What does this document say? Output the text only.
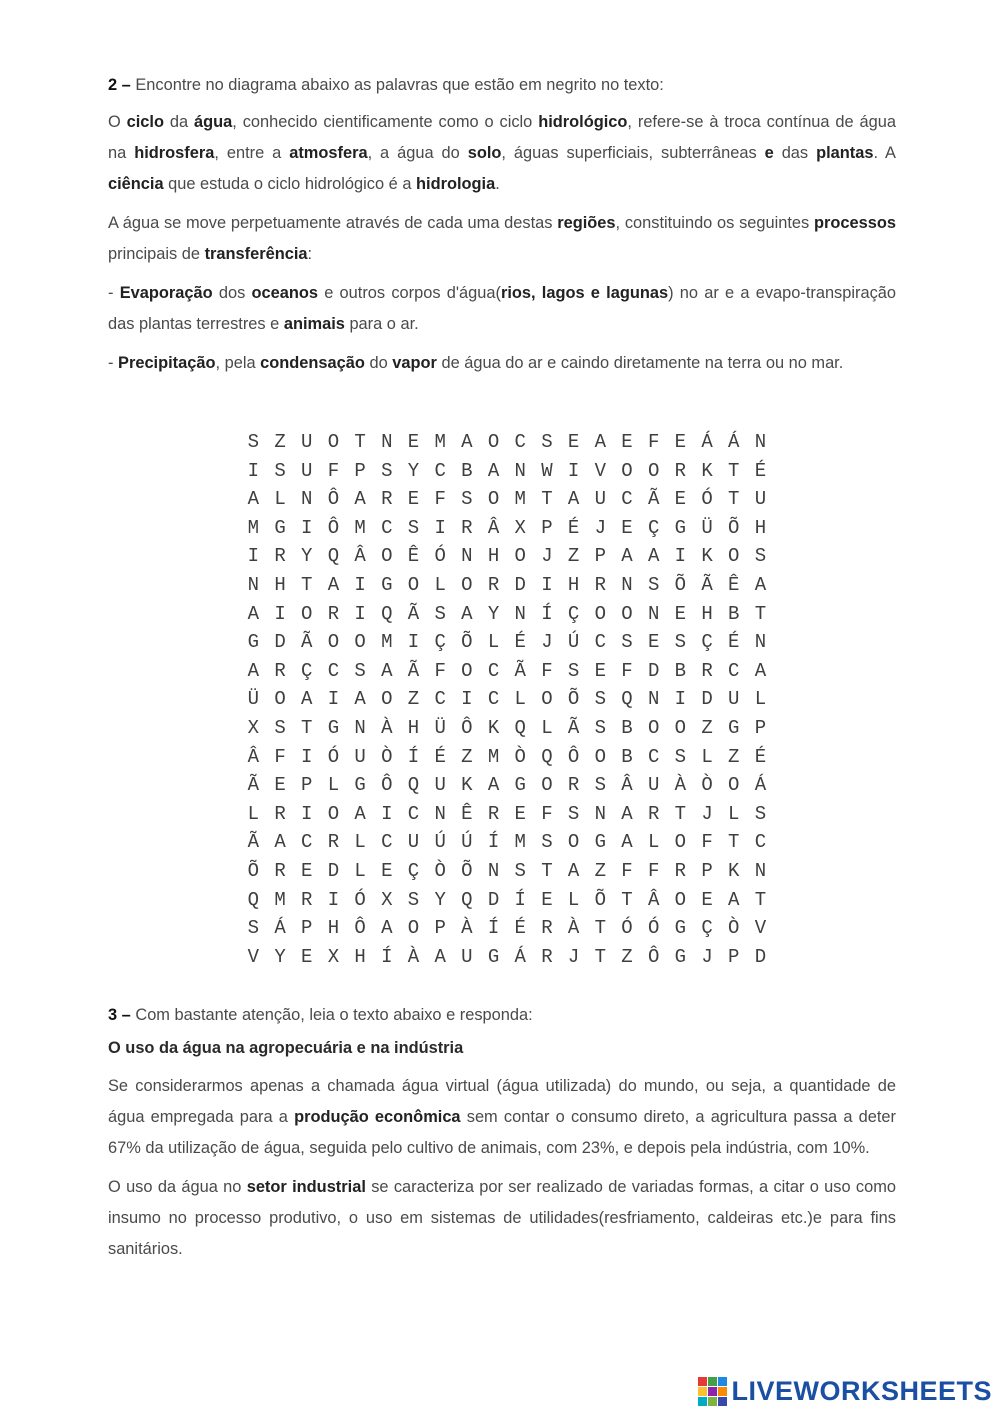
2 – Encontre no diagrama abaixo as palavras que estão em negrito no texto:

O ciclo da água, conhecido cientificamente como o ciclo hidrológico, refere-se à troca contínua de água na hidrosfera, entre a atmosfera, a água do solo, águas superficiais, subterrâneas e das plantas. A ciência que estuda o ciclo hidrológico é a hidrologia.

A água se move perpetuamente através de cada uma destas regiões, constituindo os seguintes processos principais de transferência:

- Evaporação dos oceanos e outros corpos d'água(rios, lagos e lagunas) no ar e a evapo-transpiração das plantas terrestres e animais para o ar.

- Precipitação, pela condensação do vapor de água do ar e caindo diretamente na terra ou no mar.

S Z U O T N E M A O C S E A E F E Á Á N
I S U F P S Y C B A N W I V O O R K T É
A L N Ô A R E F S O M T A U C Ã E Ó T U
M G I Ô M C S I R Â X P É J E Ç G Ü Õ H
I R Y Q Â O Ê Ó N H O J Z P A A I K O S
N H T A I G O L O R D I H R N S Õ Ã Ê A
A I O R I Q Ã S A Y N Í Ç O O N E H B T
G D Ã O O M I Ç Õ L É J Ú C S E S Ç É N
A R Ç C S A Ã F O C Ã F S E F D B R C A
Ü O A I A O Z C I C L O Õ S Q N I D U L
X S T G N À H Ü Ô K Q L Ã S B O O Z G P
Â F I Ó U Ò Í É Z M Ò Q Ô O B C S L Z É
Ã E P L G Ô Q U K A G O R S Â U À Ò O Á
L R I O A I C N Ê R E F S N A R T J L S
Ã A C R L C U Ú Ú Í M S O G A L O F T C
Õ R E D L E Ç Ò Õ N S T A Z F F R P K N
Q M R I Ó X S Y Q D Í E L Õ T Â O E A T
S Á P H Ô A O P À Í É R À T Ó Ó G Ç Ò V
V Y E X H Í À A U G Á R J T Z Ô G J P D

3 – Com bastante atenção, leia o texto abaixo e responda:

O uso da água na agropecuária e na indústria

Se considerarmos apenas a chamada água virtual (água utilizada) do mundo, ou seja, a quantidade de água empregada para a produção econômica sem contar o consumo direto, a agricultura passa a deter 67% da utilização de água, seguida pelo cultivo de animais, com 23%, e depois pela indústria, com 10%.

O uso da água no setor industrial se caracteriza por ser realizado de variadas formas, a citar o uso como insumo no processo produtivo, o uso em sistemas de utilidades(resfriamento, caldeiras etc.)e para fins sanitários.

LIVEWORKSHEETS
